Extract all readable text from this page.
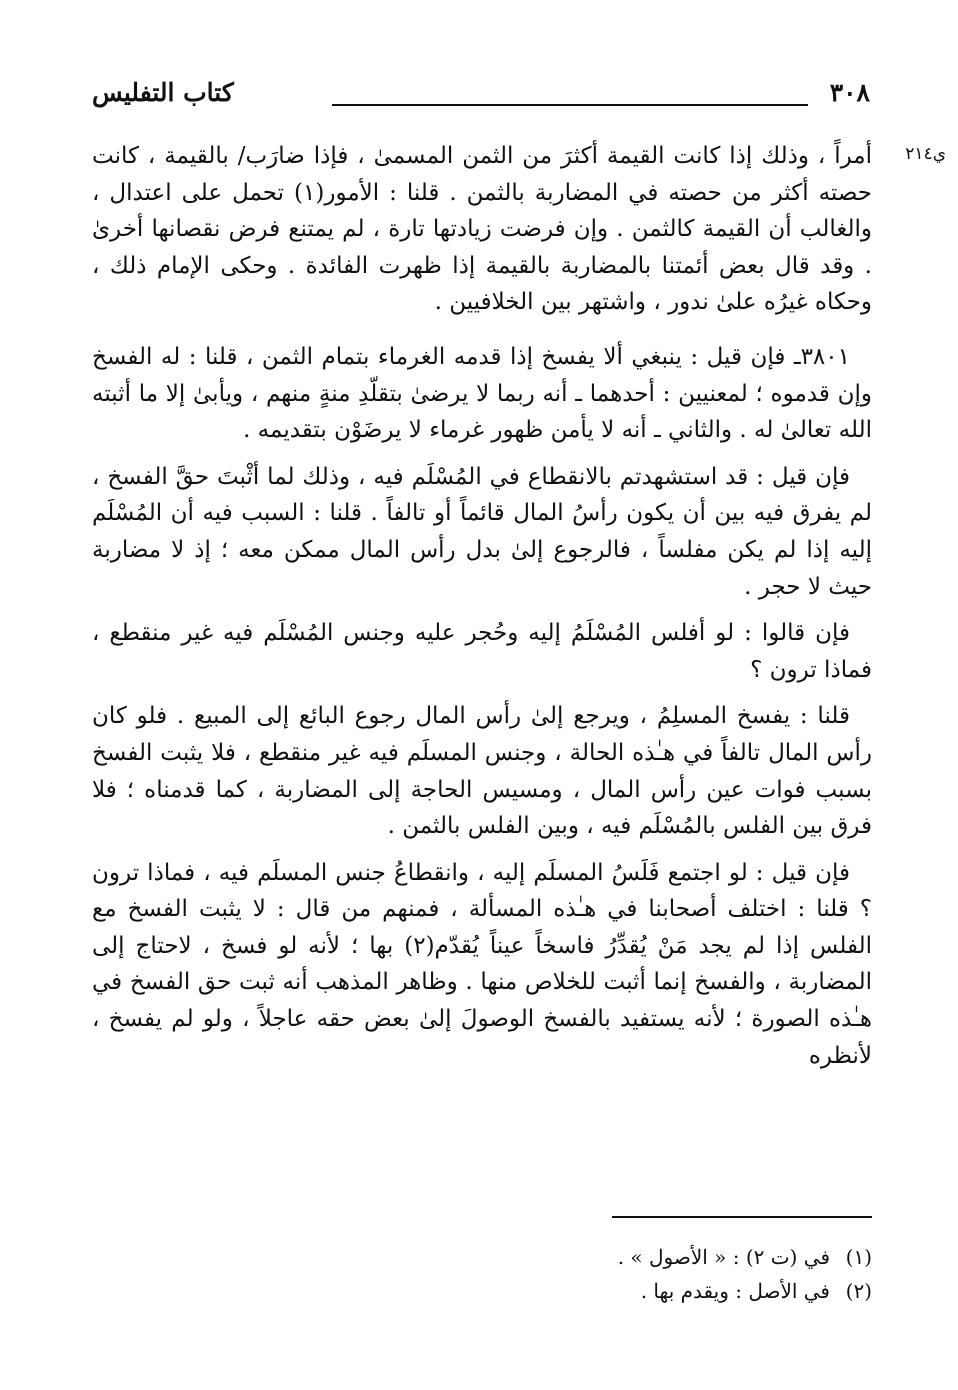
٣٠٨
كتاب التفليس
ي٢١٤

أمراً ، وذلك إذا كانت القيمة أكثرَ من الثمن المسمىٰ ، فإذا ضارَب/ بالقيمة ، كانت حصته أكثر من حصته في المضاربة بالثمن . قلنا : الأمور(١) تحمل على اعتدال ، والغالب أن القيمة كالثمن . وإن فرضت زيادتها تارة ، لم يمتنع فرض نقصانها أخرىٰ . وقد قال بعض أئمتنا بالمضاربة بالقيمة إذا ظهرت الفائدة . وحكى الإمام ذلك ، وحكاه غيرُه علىٰ ندور ، واشتهر بين الخلافيين .

٣٨٠١ـ فإن قيل : ينبغي ألا يفسخ إذا قدمه الغرماء بتمام الثمن ، قلنا : له الفسخ وإن قدموه ؛ لمعنيين : أحدهما ـ أنه ربما لا يرضىٰ بتقلّدِ منةٍ منهم ، ويأبىٰ إلا ما أثبته الله تعالىٰ له . والثاني ـ أنه لا يأمن ظهور غرماء لا يرضَوْن بتقديمه .

فإن قيل : قد استشهدتم بالانقطاع في المُسْلَم فيه ، وذلك لما أثْبتَ حقَّ الفسخ ، لم يفرق فيه بين أن يكون رأسُ المال قائماً أو تالفاً . قلنا : السبب فيه أن المُسْلَم إليه إذا لم يكن مفلساً ، فالرجوع إلىٰ بدل رأس المال ممكن معه ؛ إذ لا مضاربة حيث لا حجر .

فإن قالوا : لو أفلس المُسْلَمُ إليه وحُجر عليه وجنس المُسْلَم فيه غير منقطع ، فماذا ترون ؟

قلنا : يفسخ المسلِمُ ، ويرجع إلىٰ رأس المال رجوع البائع إلى المبيع . فلو كان رأس المال تالفاً في هـٰذه الحالة ، وجنس المسلَم فيه غير منقطع ، فلا يثبت الفسخ بسبب فوات عين رأس المال ، ومسيس الحاجة إلى المضاربة ، كما قدمناه ؛ فلا فرق بين الفلس بالمُسْلَم فيه ، وبين الفلس بالثمن .

فإن قيل : لو اجتمع فَلَسُ المسلَم إليه ، وانقطاعُ جنس المسلَم فيه ، فماذا ترون ؟ قلنا : اختلف أصحابنا في هـٰذه المسألة ، فمنهم من قال : لا يثبت الفسخ مع الفلس إذا لم يجد مَنْ يُقدِّرُ فاسخاً عيناً يُقدّم(٢) بها ؛ لأنه لو فسخ ، لاحتاج إلى المضاربة ، والفسخ إنما أثبت للخلاص منها . وظاهر المذهب أنه ثبت حق الفسخ في هـٰذه الصورة ؛ لأنه يستفيد بالفسخ الوصولَ إلىٰ بعض حقه عاجلاً ، ولو لم يفسخ ، لأنظره

(١)
في (ت ٢) : « الأصول » .
(٢)
في الأصل : ويقدم بها .
